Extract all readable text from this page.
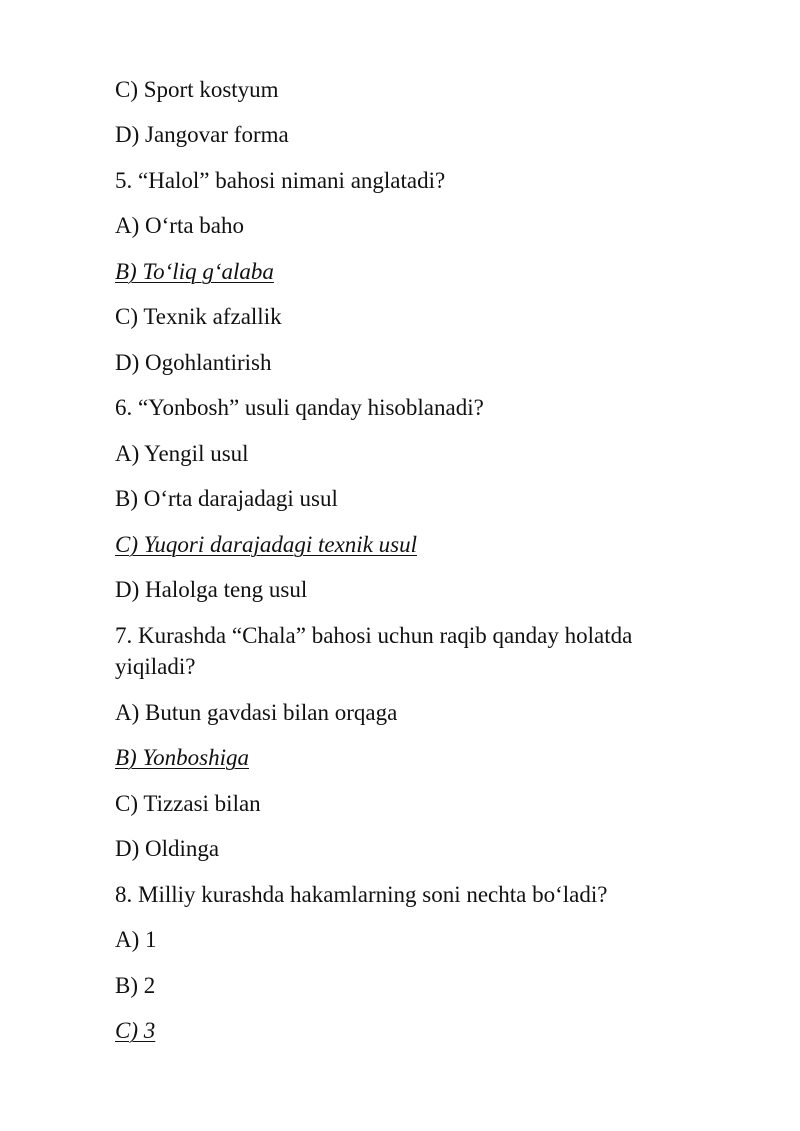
C) Sport kostyum

D) Jangovar forma

5. “Halol” bahosi nimani anglatadi?

A) O‘rta baho

B) To‘liq g‘alaba

C) Texnik afzallik

D) Ogohlantirish

6. “Yonbosh” usuli qanday hisoblanadi?

A) Yengil usul

B) O‘rta darajadagi usul

C) Yuqori darajadagi texnik usul

D) Halolga teng usul

7. Kurashda “Chala” bahosi uchun raqib qanday holatda

yiqiladi?

A) Butun gavdasi bilan orqaga

B) Yonboshiga

C) Tizzasi bilan

D) Oldinga

8. Milliy kurashda hakamlarning soni nechta bo‘ladi?

A) 1

B) 2

C) 3
